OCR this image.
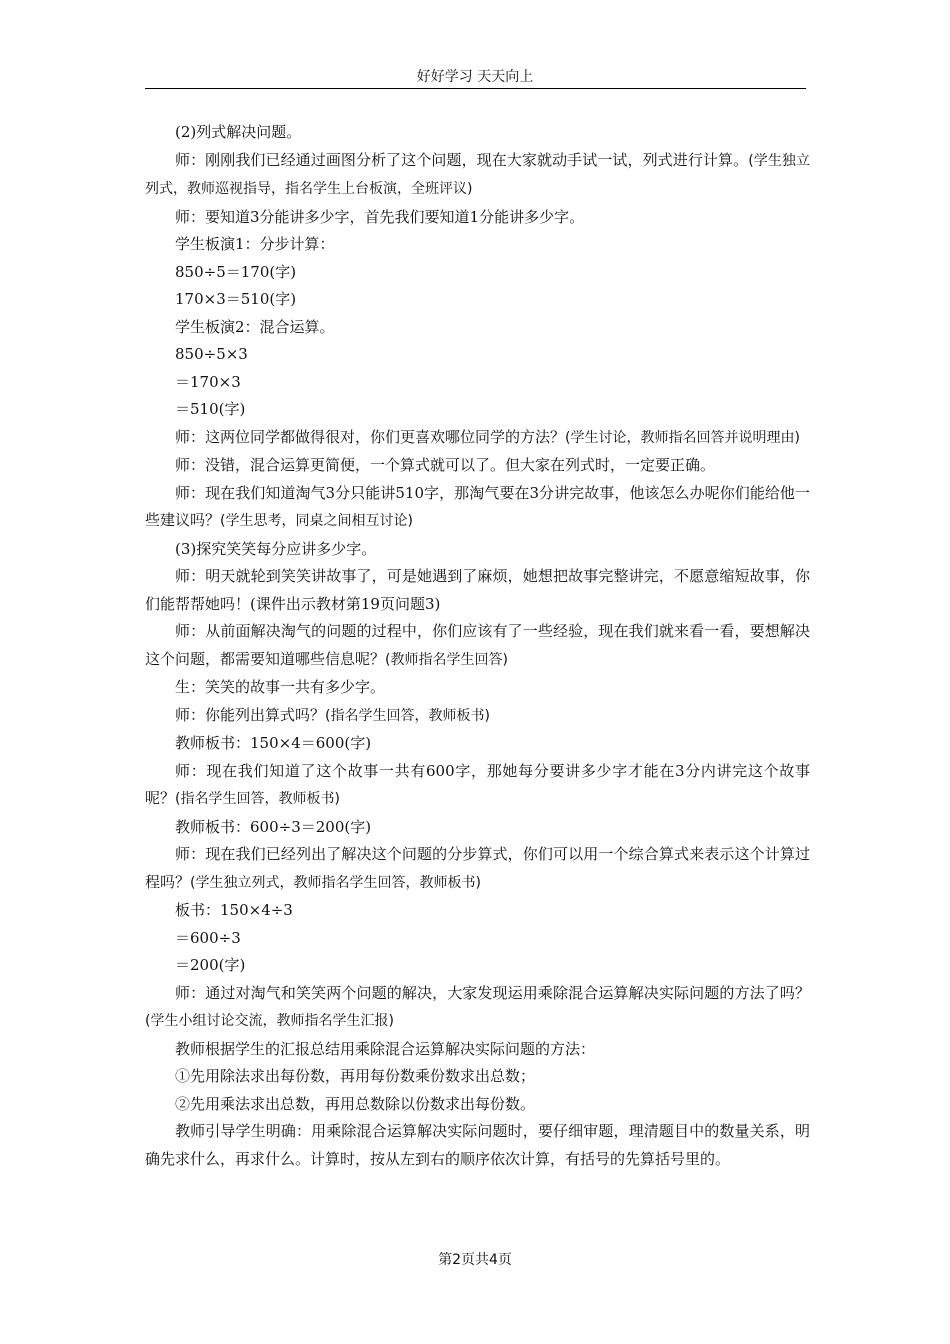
好好学习 天天向上

(2)列式解决问题。

师：刚刚我们已经通过画图分析了这个问题，现在大家就动手试一试，列式进行计算。(学生独立列式，教师巡视指导，指名学生上台板演，全班评议)

师：要知道3分能讲多少字，首先我们要知道1分能讲多少字。

学生板演1：分步计算：

850÷5＝170(字)

170×3＝510(字)

学生板演2：混合运算。

850÷5×3

＝170×3

＝510(字)

师：这两位同学都做得很对，你们更喜欢哪位同学的方法？(学生讨论，教师指名回答并说明理由)

师：没错，混合运算更简便，一个算式就可以了。但大家在列式时，一定要正确。

师：现在我们知道淘气3分只能讲510字，那淘气要在3分讲完故事，他该怎么办呢你们能给他一些建议吗？(学生思考，同桌之间相互讨论)

(3)探究笑笑每分应讲多少字。

师：明天就轮到笑笑讲故事了，可是她遇到了麻烦，她想把故事完整讲完，不愿意缩短故事，你们能帮帮她吗！(课件出示教材第19页问题3)

师：从前面解决淘气的问题的过程中，你们应该有了一些经验，现在我们就来看一看，要想解决这个问题，都需要知道哪些信息呢？(教师指名学生回答)

生：笑笑的故事一共有多少字。

师：你能列出算式吗？(指名学生回答，教师板书)

教师板书：150×4＝600(字)

师：现在我们知道了这个故事一共有600字，那她每分要讲多少字才能在3分内讲完这个故事呢？(指名学生回答，教师板书)

教师板书：600÷3＝200(字)

师：现在我们已经列出了解决这个问题的分步算式，你们可以用一个综合算式来表示这个计算过程吗？(学生独立列式，教师指名学生回答，教师板书)

板书：150×4÷3

＝600÷3

＝200(字)

师：通过对淘气和笑笑两个问题的解决，大家发现运用乘除混合运算解决实际问题的方法了吗？(学生小组讨论交流，教师指名学生汇报)

教师根据学生的汇报总结用乘除混合运算解决实际问题的方法：

①先用除法求出每份数，再用每份数乘份数求出总数；

②先用乘法求出总数，再用总数除以份数求出每份数。

教师引导学生明确：用乘除混合运算解决实际问题时，要仔细审题，理清题目中的数量关系，明确先求什么，再求什么。计算时，按从左到右的顺序依次计算，有括号的先算括号里的。

第2页共4页
